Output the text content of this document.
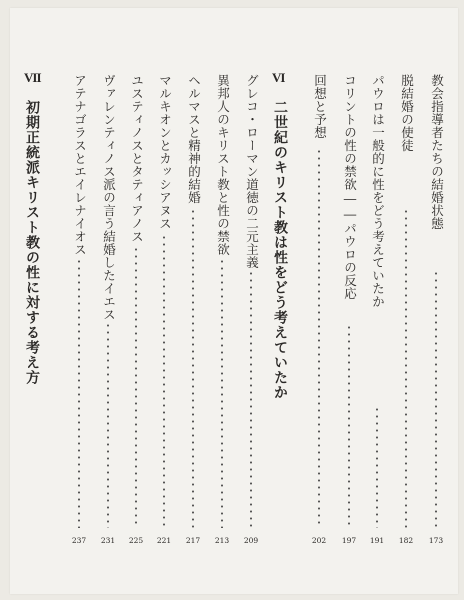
教会指導者たちの結婚状態
173
脱結婚の使徒
182
パウロは一般的に性をどう考えていたか
191
コリントの性の禁欲――パウロの反応
197
回想と予想
202
VI
二世紀のキリスト教は性をどう考えていたか
グレコ・ローマン道徳の二元主義
209
異邦人のキリスト教と性の禁欲
213
ヘルマスと精神的結婚
217
マルキオンとカッシアヌス
221
ユスティノスとタティアノス
225
ヴァレンティノス派の言う結婚したイエス
231
アテナゴラスとエイレナイオス
237
VII
初期正統派キリスト教の性に対する考え方
